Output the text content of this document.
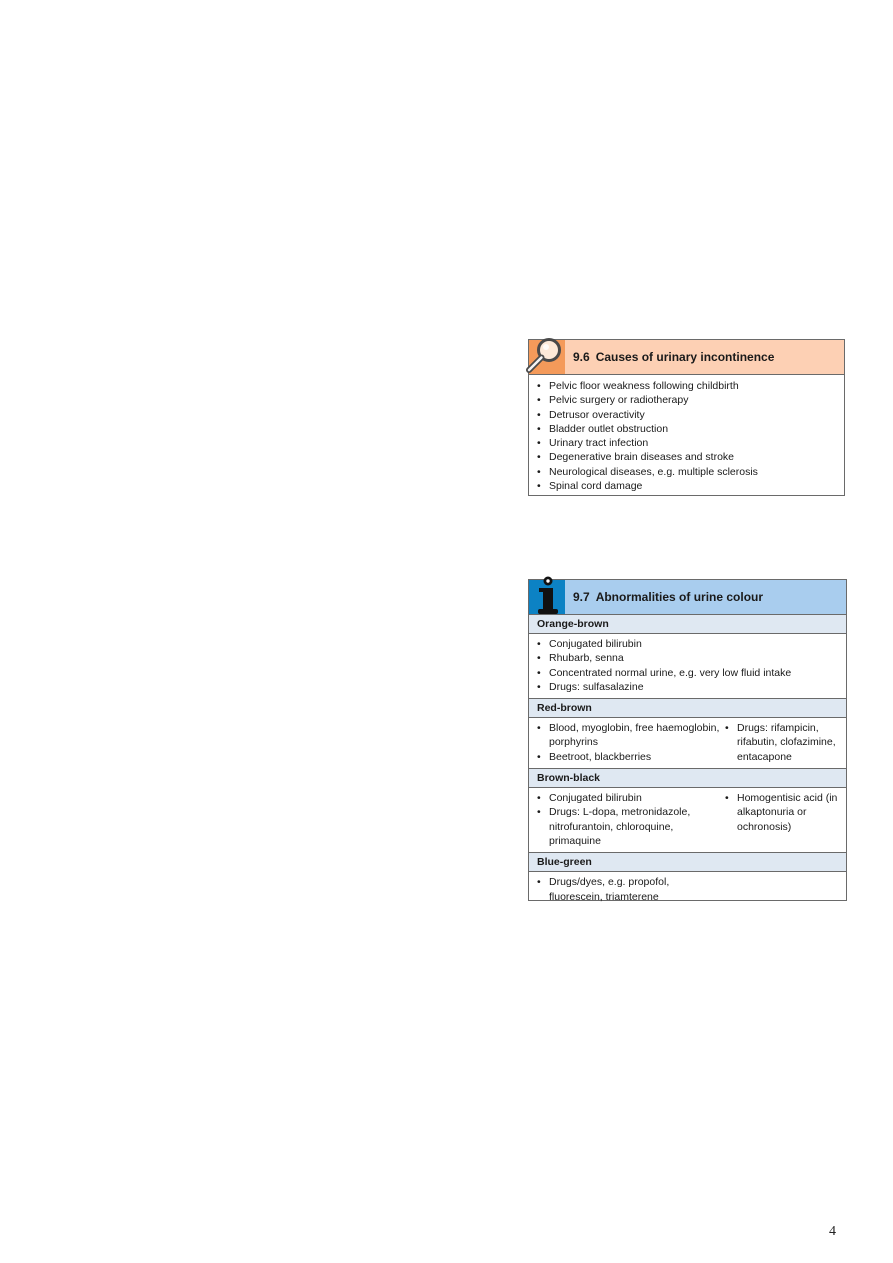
9.6 Causes of urinary incontinence
• Pelvic floor weakness following childbirth
• Pelvic surgery or radiotherapy
• Detrusor overactivity
• Bladder outlet obstruction
• Urinary tract infection
• Degenerative brain diseases and stroke
• Neurological diseases, e.g. multiple sclerosis
• Spinal cord damage
9.7 Abnormalities of urine colour
Orange-brown
• Conjugated bilirubin
• Rhubarb, senna
• Concentrated normal urine, e.g. very low fluid intake
• Drugs: sulfasalazine
Red-brown
• Blood, myoglobin, free haemoglobin, porphyrins
• Beetroot, blackberries
• Drugs: rifampicin, rifabutin, clofazimine, entacapone
Brown-black
• Conjugated bilirubin
• Drugs: L-dopa, metronidazole, nitrofurantoin, chloroquine, primaquine
• Homogentisic acid (in alkaptonuria or ochronosis)
Blue-green
• Drugs/dyes, e.g. propofol, fluorescein, triamterene
4
